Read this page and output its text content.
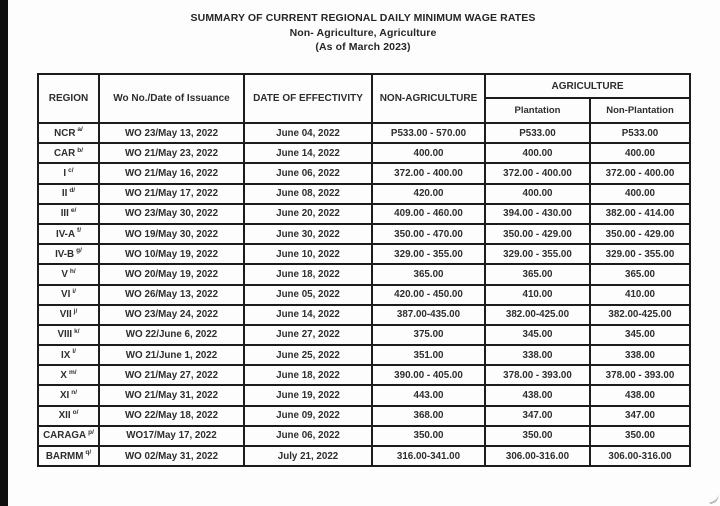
SUMMARY OF CURRENT REGIONAL DAILY MINIMUM WAGE RATES
Non- Agriculture, Agriculture
(As of March 2023)
REGION	Wo No./Date of Issuance	DATE OF EFFECTIVITY	NON-AGRICULTURE	AGRICULTURE	
				Plantation	Non-Plantation
NCR $^{a/}$	WO 23/May 13, 2022	June 04, 2022	P533.00 - 570.00	P533.00	P533.00
CAR $^{b/}$	WO 21/May 23, 2022	June 14, 2022	400.00	400.00	400.00
I $^{c/}$	WO 21/May 16, 2022	June 06, 2022	372.00 - 400.00	372.00 - 400.00	372.00 - 400.00
II $^{d/}$	WO 21/May 17, 2022	June 08, 2022	420.00	400.00	400.00
III $^{e/}$	WO 23/May 30, 2022	June 20, 2022	409.00 - 460.00	394.00 - 430.00	382.00 - 414.00
IV-A $^{f/}$	WO 19/May 30, 2022	June 30, 2022	350.00 - 470.00	350.00 - 429.00	350.00 - 429.00
IV-B $^{g/}$	WO 10/May 19, 2022	June 10, 2022	329.00 - 355.00	329.00 - 355.00	329.00 - 355.00
V $^{h/}$	WO 20/May 19, 2022	June 18, 2022	365.00	365.00	365.00
VI $^{i/}$	WO 26/May 13, 2022	June 05, 2022	420.00 - 450.00	410.00	410.00
VII $^{j/}$	WO 23/May 24, 2022	June 14, 2022	387.00-435.00	382.00-425.00	382.00-425.00
VIII $^{k/}$	WO 22/June 6, 2022	June 27, 2022	375.00	345.00	345.00
IX $^{l/}$	WO 21/June 1, 2022	June 25, 2022	351.00	338.00	338.00
X $^{m/}$	WO 21/May 27, 2022	June 18, 2022	390.00 - 405.00	378.00 - 393.00	378.00 - 393.00
XI $^{n/}$	WO 21/May 31, 2022	June 19, 2022	443.00	438.00	438.00
XII $^{o/}$	WO 22/May 18, 2022	June 09, 2022	368.00	347.00	347.00
CARAGA $^{p/}$	WO17/May 17, 2022	June 06, 2022	350.00	350.00	350.00
BARMM $^{q/}$	WO 02/May 31, 2022	July 21, 2022	316.00-341.00	306.00-316.00	306.00-316.00
